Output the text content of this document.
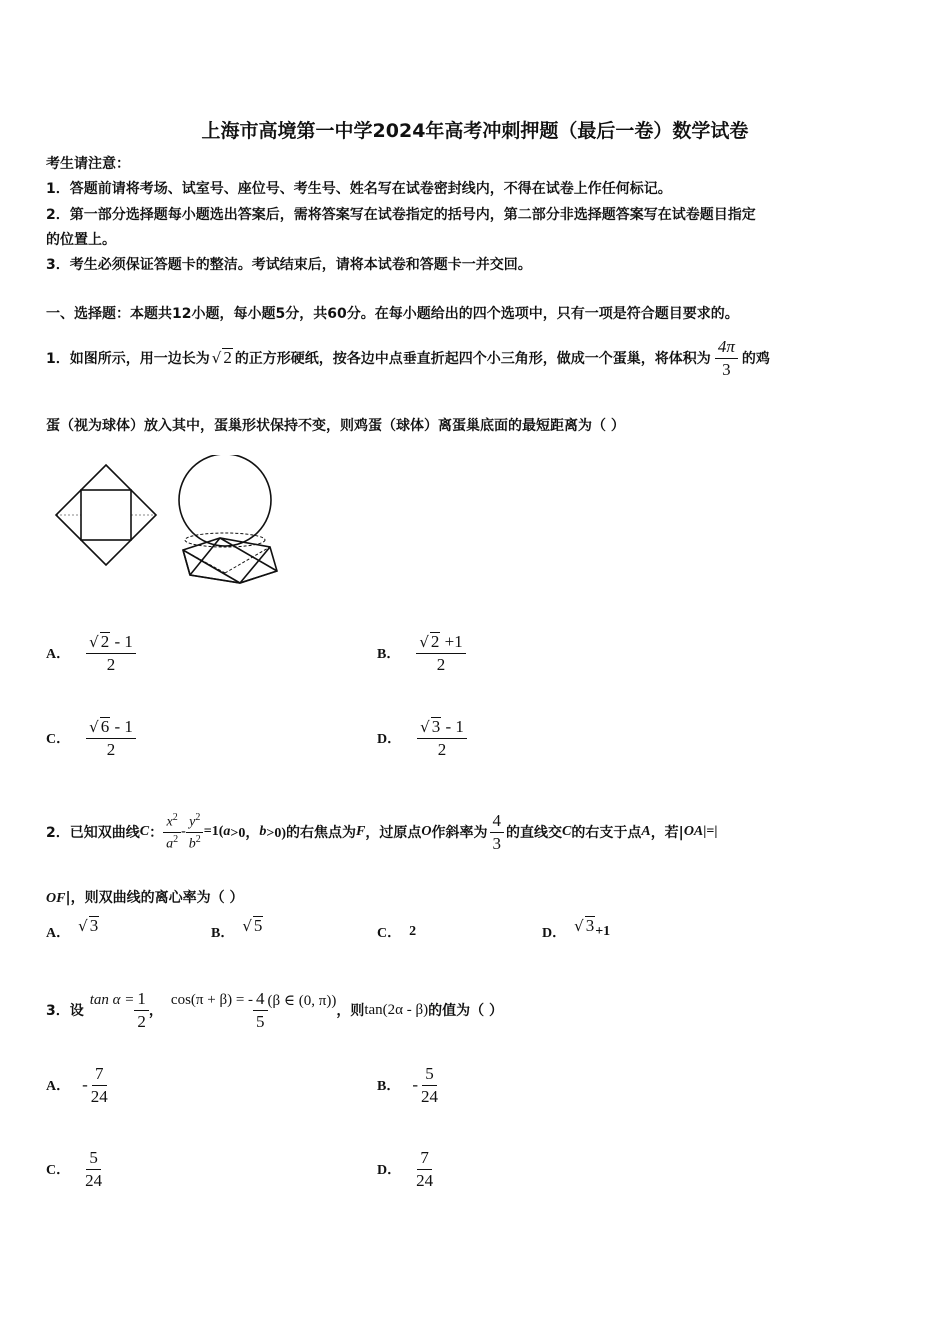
上海市高境第一中学2024年高考冲刺押题（最后一卷）数学试卷
考生请注意：
1．答题前请将考场、试室号、座位号、考生号、姓名写在试卷密封线内，不得在试卷上作任何标记。
2．第一部分选择题每小题选出答案后，需将答案写在试卷指定的括号内，第二部分非选择题答案写在试卷题目指定
的位置上。
3．考生必须保证答题卡的整洁。考试结束后，请将本试卷和答题卡一并交回。
一、选择题：本题共12小题，每小题5分，共60分。在每小题给出的四个选项中，只有一项是符合题目要求的。
1．如图所示，用一边长为 √ 2 的正方形硬纸，按各边中点垂直折起四个小三角形，做成一个蛋巢，将体积为 $\frac{4\pi}{3}$ 的鸡
蛋（视为球体）放入其中，蛋巢形状保持不变，则鸡蛋（球体）离蛋巢底面的最短距离为（ ）
A． $\frac{√ 2 - 1}{2}$	B． $\frac{√ 2 +1}{2}$
C． $\frac{√ 6 - 1}{2}$	D． $\frac{√ 3 - 1}{2}$
2．已知双曲线 C ： $\frac{x^2}{a^2} - \frac{y^2}{b^2} =1$( a >0， b >0)的右焦点为 F ，过原点 O 作斜率为 $\frac{4}{3}$ 的直线交 C 的右支于点 A ，若| OA |=|
OF|，则双曲线的离心率为（ ）
A． √ 3	B． √ 5	C． 2	D． √ 3 +1
3．设
$\tan \alpha = \frac{1}{2}$ ，
cos(π + β) = - $\frac{4}{5} (\beta$ ∈ (0, π))
，则 tan(2α - β) 的值为（ ）
A． - $\frac{7}{24}$	B． - $\frac{5}{24}$
C． $\frac{5}{24}$	D． $\frac{7}{24}$
